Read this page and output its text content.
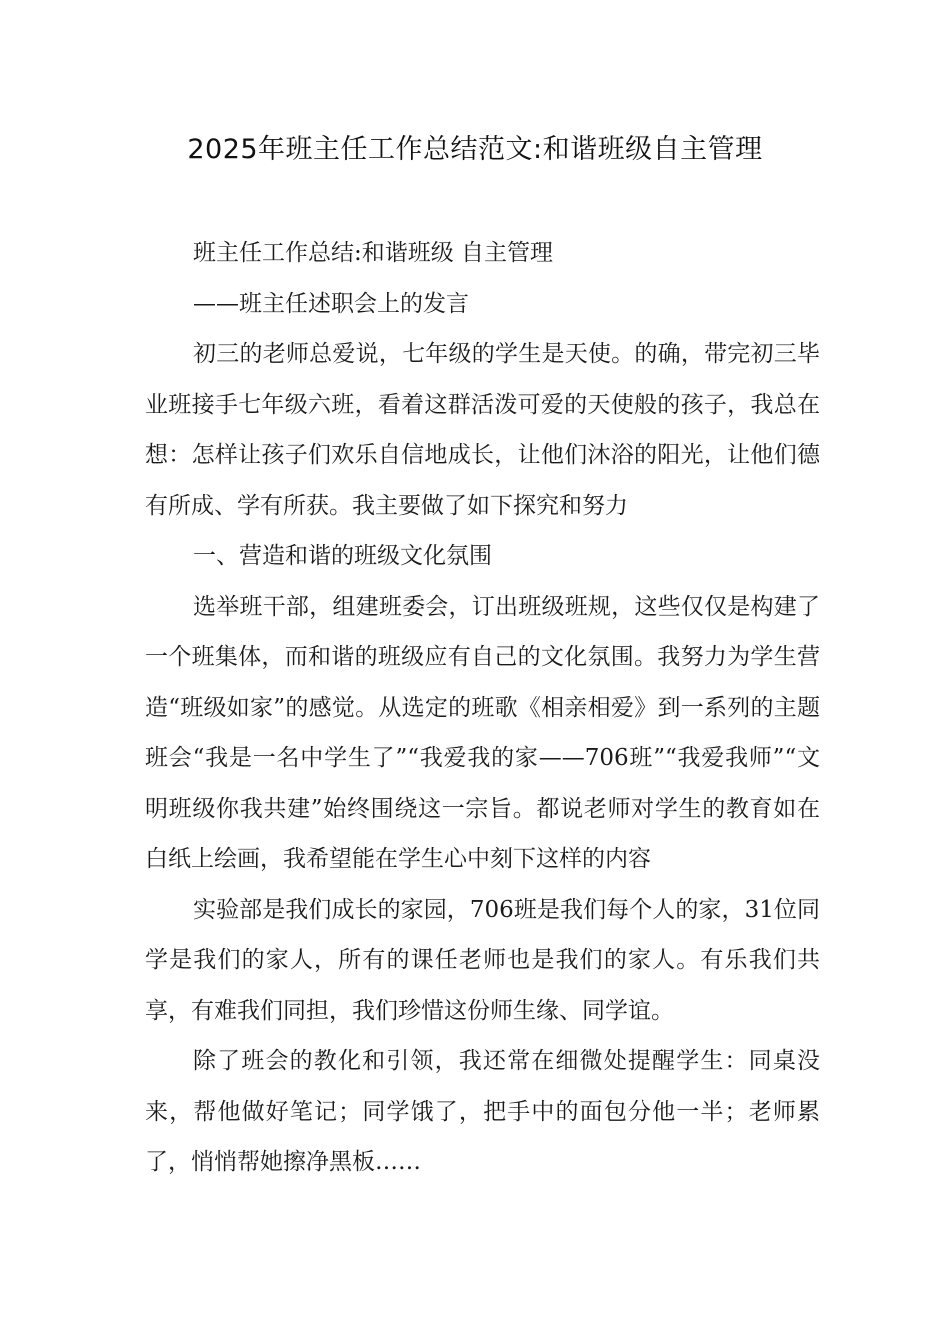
2025年班主任工作总结范文:和谐班级自主管理

班主任工作总结:和谐班级 自主管理

——班主任述职会上的发言

初三的老师总爱说，七年级的学生是天使。的确，带完初三毕业班接手七年级六班，看着这群活泼可爱的天使般的孩子，我总在想：怎样让孩子们欢乐自信地成长，让他们沐浴的阳光，让他们德有所成、学有所获。我主要做了如下探究和努力

一、营造和谐的班级文化氛围

选举班干部，组建班委会，订出班级班规，这些仅仅是构建了一个班集体，而和谐的班级应有自己的文化氛围。我努力为学生营造“班级如家”的感觉。从选定的班歌《相亲相爱》到一系列的主题班会“我是一名中学生了”“我爱我的家——706班”“我爱我师”“文明班级你我共建”始终围绕这一宗旨。都说老师对学生的教育如在白纸上绘画，我希望能在学生心中刻下这样的内容

实验部是我们成长的家园，706班是我们每个人的家，31位同学是我们的家人，所有的课任老师也是我们的家人。有乐我们共享，有难我们同担，我们珍惜这份师生缘、同学谊。

除了班会的教化和引领，我还常在细微处提醒学生：同桌没来，帮他做好笔记；同学饿了，把手中的面包分他一半；老师累了，悄悄帮她擦净黑板……
